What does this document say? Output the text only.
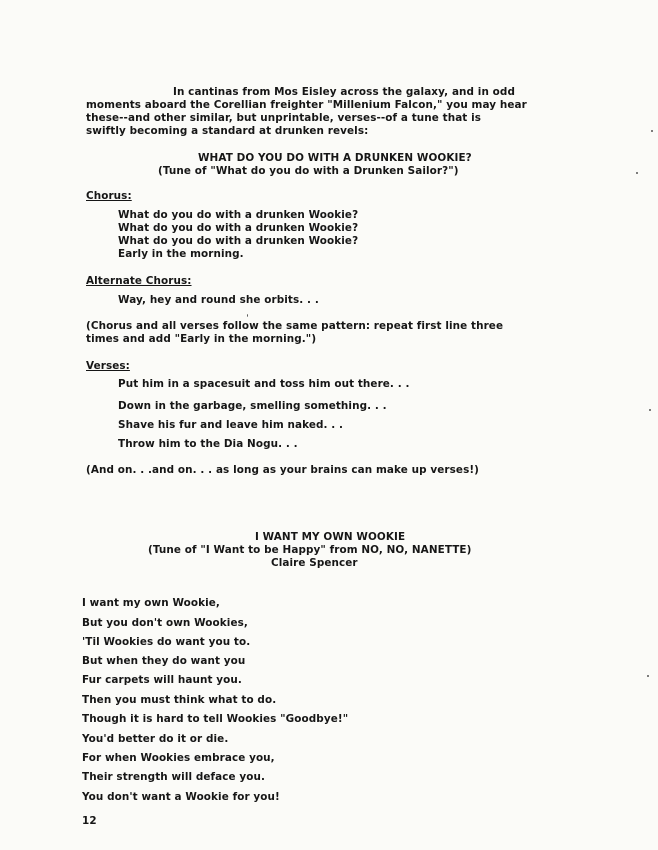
In cantinas from Mos Eisley across the galaxy, and in odd
moments aboard the Corellian freighter "Millenium Falcon," you may hear
these--and other similar, but unprintable, verses--of a tune that is
swiftly becoming a standard at drunken revels:
WHAT DO YOU DO WITH A DRUNKEN WOOKIE?
(Tune of "What do you do with a Drunken Sailor?")
Chorus:
What do you do with a drunken Wookie?
What do you do with a drunken Wookie?
What do you do with a drunken Wookie?
Early in the morning.
Alternate Chorus:
Way, hey and round she orbits. . .
(Chorus and all verses follow the same pattern: repeat first line three
times and add "Early in the morning.")
Verses:
Put him in a spacesuit and toss him out there. . .
Down in the garbage, smelling something. . .
Shave his fur and leave him naked. . .
Throw him to the Dia Nogu. . .
(And on. . .and on. . . as long as your brains can make up verses!)
I WANT MY OWN WOOKIE
(Tune of "I Want to be Happy" from NO, NO, NANETTE)
Claire Spencer
I want my own Wookie,
But you don't own Wookies,
'Til Wookies do want you to.
But when they do want you
Fur carpets will haunt you.
Then you must think what to do.
Though it is hard to tell Wookies "Goodbye!"
You'd better do it or die.
For when Wookies embrace you,
Their strength will deface you.
You don't want a Wookie for you!
12
